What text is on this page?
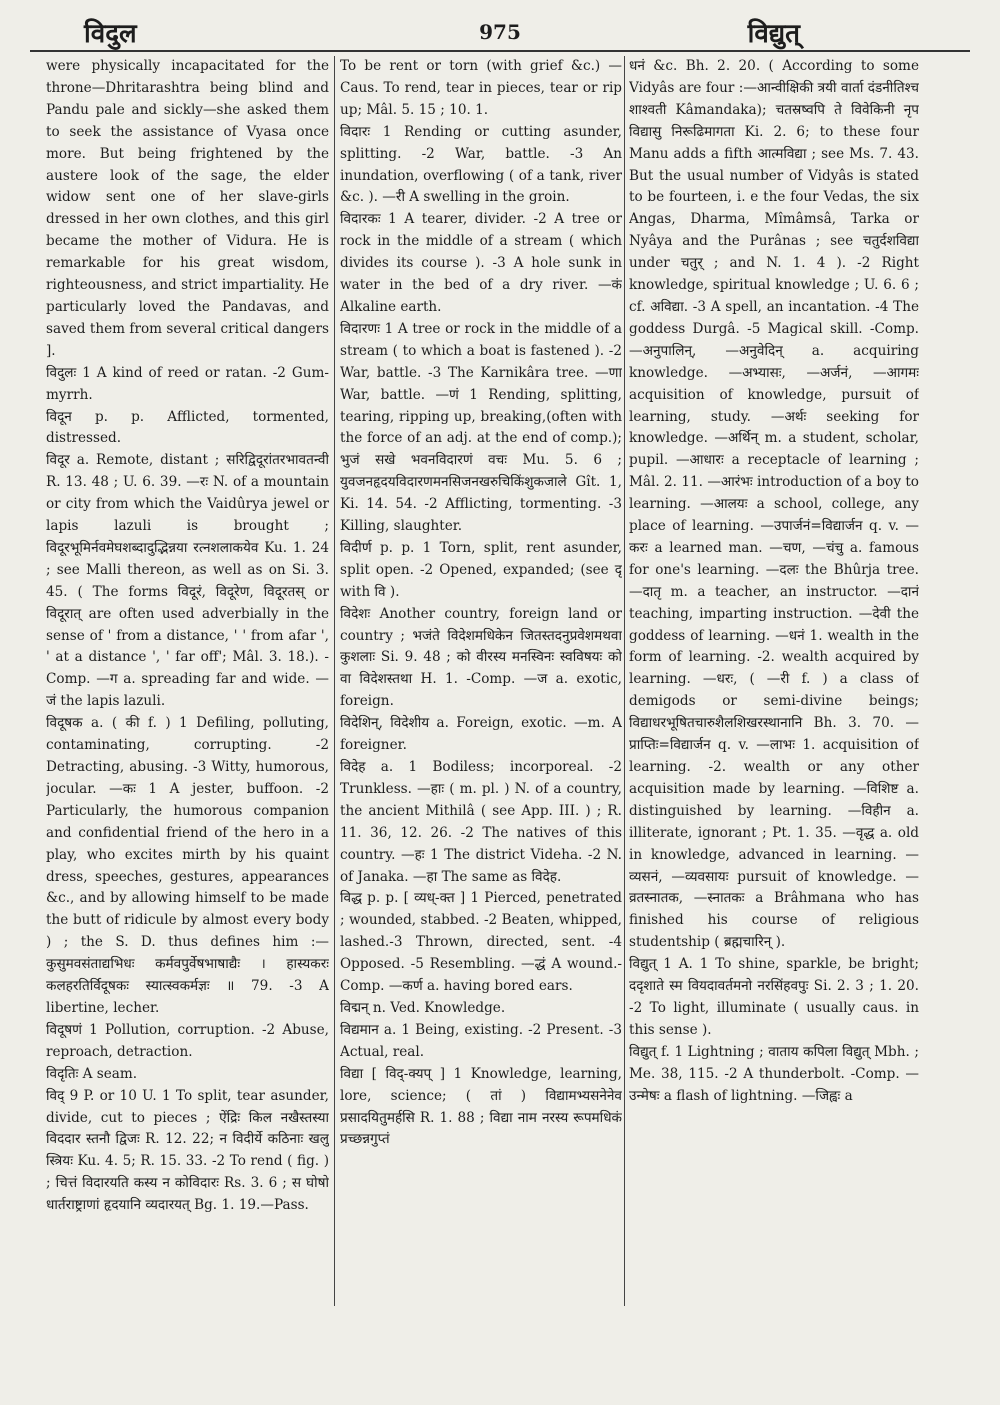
विदुल	975	विद्युत्

were physically incapacitated for the throne—Dhritarashtra being blind and Pandu pale and sickly—she asked them to seek the assistance of Vyasa once more. But being frightened by the austere look of the sage, the elder widow sent one of her slave-girls dressed in her own clothes, and this girl became the mother of Vidura. He is remarkable for his great wisdom, righteousness, and strict impartiality. He particularly loved the Pandavas, and saved them from several critical dangers ].

विदुलः 1 A kind of reed or ratan. -2 Gum-myrrh.

विदून p. p. Afflicted, tormented, distressed.

विदूर a. Remote, distant ; सरिद्विदूरांतरभावतन्वी R. 13. 48 ; U. 6. 39. —रः N. of a mountain or city from which the Vaidûrya jewel or lapis lazuli is brought ; विदूरभूमिर्नवमेघशब्दादुद्भिन्नया रत्नशलाकयेव Ku. 1. 24 ; see Malli thereon, as well as on Si. 3. 45. ( The forms विदूरं, विदूरेण, विदूरतस् or विदूरात् are often used adverbially in the sense of ' from a distance, ' ' from afar ', ' at a distance ', ' far off'; Mâl. 3. 18.). -Comp. —ग a. spreading far and wide. —जं the lapis lazuli.

विदूषक a. ( की f. ) 1 Defiling, polluting, contaminating, corrupting. -2 Detracting, abusing. -3 Witty, humorous, jocular. —कः 1 A jester, buffoon. -2 Particularly, the humorous companion and confidential friend of the hero in a play, who excites mirth by his quaint dress, speeches, gestures, appearances &c., and by allowing himself to be made the butt of ridicule by almost every body ) ; the S. D. thus defines him :—कुसुमवसंताद्यभिधः कर्मवपुर्वेषभाषाद्यैः । हास्यकरः कलहरतिर्विदूषकः स्यात्स्वकर्मज्ञः ॥ 79. -3 A libertine, lecher.

विदूषणं 1 Pollution, corruption. -2 Abuse, reproach, detraction.

विदृतिः A seam.

विद् 9 P. or 10 U. 1 To split, tear asunder, divide, cut to pieces ; ऐंद्रिः किल नखैस्तस्या विददार स्तनौ द्विजः R. 12. 22; न विदीर्ये कठिनाः खलु स्त्रियः Ku. 4. 5; R. 15. 33. -2 To rend ( fig. ) ; चित्तं विदारयति कस्य न कोविदारः Rs. 3. 6 ; स घोषो धार्तराष्ट्राणां हृदयानि व्यदारयत् Bg. 1. 19.—Pass.

To be rent or torn (with grief &c.) —Caus. To rend, tear in pieces, tear or rip up; Mâl. 5. 15 ; 10. 1.

विदारः 1 Rending or cutting asunder, splitting. -2 War, battle. -3 An inundation, overflowing ( of a tank, river &c. ). —री A swelling in the groin.

विदारकः 1 A tearer, divider. -2 A tree or rock in the middle of a stream ( which divides its course ). -3 A hole sunk in water in the bed of a dry river. —कं Alkaline earth.

विदारणः 1 A tree or rock in the middle of a stream ( to which a boat is fastened ). -2 War, battle. -3 The Karnikâra tree. —णा War, battle. —णं 1 Rending, splitting, tearing, ripping up, breaking,(often with the force of an adj. at the end of comp.); भुजं सखे भवनविदारणं वचः Mu. 5. 6 ; युवजनहृदयविदारणमनसिजनखरुचिकिंशुकजाले Gît. 1, Ki. 14. 54. -2 Afflicting, tormenting. -3 Killing, slaughter.

विदीर्ण p. p. 1 Torn, split, rent asunder, split open. -2 Opened, expanded; (see दृ with वि ).

विदेशः Another country, foreign land or country ; भजंते विदेशमधिकेन जितस्तदनुप्रवेशमथवा कुशलाः Si. 9. 48 ; को वीरस्य मनस्विनः स्वविषयः को वा विदेशस्तथा H. 1. -Comp. —ज a. exotic, foreign.

विदेशिन्, विदेशीय a. Foreign, exotic. —m. A foreigner.

विदेह a. 1 Bodiless; incorporeal. -2 Trunkless. —हाः ( m. pl. ) N. of a country, the ancient Mithilâ ( see App. III. ) ; R. 11. 36, 12. 26. -2 The natives of this country. —हः 1 The district Videha. -2 N. of Janaka. —हा The same as विदेह.

विद्ध p. p. [ व्यध्-क्त ] 1 Pierced, penetrated ; wounded, stabbed. -2 Beaten, whipped, lashed.-3 Thrown, directed, sent. -4 Opposed. -5 Resembling. —द्धं A wound.-Comp. —कर्ण a. having bored ears.

विद्मन् n. Ved. Knowledge.

विद्यमान a. 1 Being, existing. -2 Present. -3 Actual, real.

विद्या [ विद्-क्यप् ] 1 Knowledge, learning, lore, science; ( तां ) विद्यामभ्यसनेनेव प्रसादयितुमर्हसि R. 1. 88 ; विद्या नाम नरस्य रूपमधिकं प्रच्छन्नगुप्तं

धनं &c. Bh. 2. 20. ( According to some Vidyâs are four :—आन्वीक्षिकी त्रयी वार्ता दंडनीतिश्च शाश्वती Kâmandaka); चतस्रष्वपि ते विवेकिनी नृप विद्यासु निरूढिमागता Ki. 2. 6; to these four Manu adds a fifth आत्मविद्या ; see Ms. 7. 43. But the usual number of Vidyâs is stated to be fourteen, i. e the four Vedas, the six Angas, Dharma, Mîmâmsâ, Tarka or Nyâya and the Purânas ; see चतुर्दशविद्या under चतुर् ; and N. 1. 4 ). -2 Right knowledge, spiritual knowledge ; U. 6. 6 ; cf. अविद्या. -3 A spell, an incantation. -4 The goddess Durgâ. -5 Magical skill. -Comp. —अनुपालिन्, —अनुवेदिन् a. acquiring knowledge. —अभ्यासः, —अर्जनं, —आगमः acquisition of knowledge, pursuit of learning, study. —अर्थः seeking for knowledge. —अर्थिन् m. a student, scholar, pupil. —आधारः a receptacle of learning ; Mâl. 2. 11. —आरंभः introduction of a boy to learning. —आलयः a school, college, any place of learning. —उपार्जनं=विद्यार्जन q. v. —करः a learned man. —चण, —चंचु a. famous for one's learning. —दलः the Bhûrja tree. —दातृ m. a teacher, an instructor. —दानं teaching, imparting instruction. —देवी the goddess of learning. —धनं 1. wealth in the form of learning. -2. wealth acquired by learning. —धरः, ( —री f. ) a class of demigods or semi-divine beings; विद्याधरभूषितचारुशैलशिखरस्थानानि Bh. 3. 70. —प्राप्तिः=विद्यार्जन q. v. —लाभः 1. acquisition of learning. -2. wealth or any other acquisition made by learning. —विशिष्ट a. distinguished by learning. —विहीन a. illiterate, ignorant ; Pt. 1. 35. —वृद्ध a. old in knowledge, advanced in learning. —व्यसनं, —व्यवसायः pursuit of knowledge. —व्रतस्नातक, —स्नातकः a Brâhmana who has finished his course of religious studentship ( ब्रह्मचारिन् ).

विद्युत् 1 A. 1 To shine, sparkle, be bright; ददृशाते स्म वियदावर्तमनो नरसिंहवपुः Si. 2. 3 ; 1. 20. -2 To light, illuminate ( usually caus. in this sense ).

विद्युत् f. 1 Lightning ; वाताय कपिला विद्युत् Mbh. ; Me. 38, 115. -2 A thunderbolt. -Comp. —उन्मेषः a flash of lightning. —जिह्वः a
